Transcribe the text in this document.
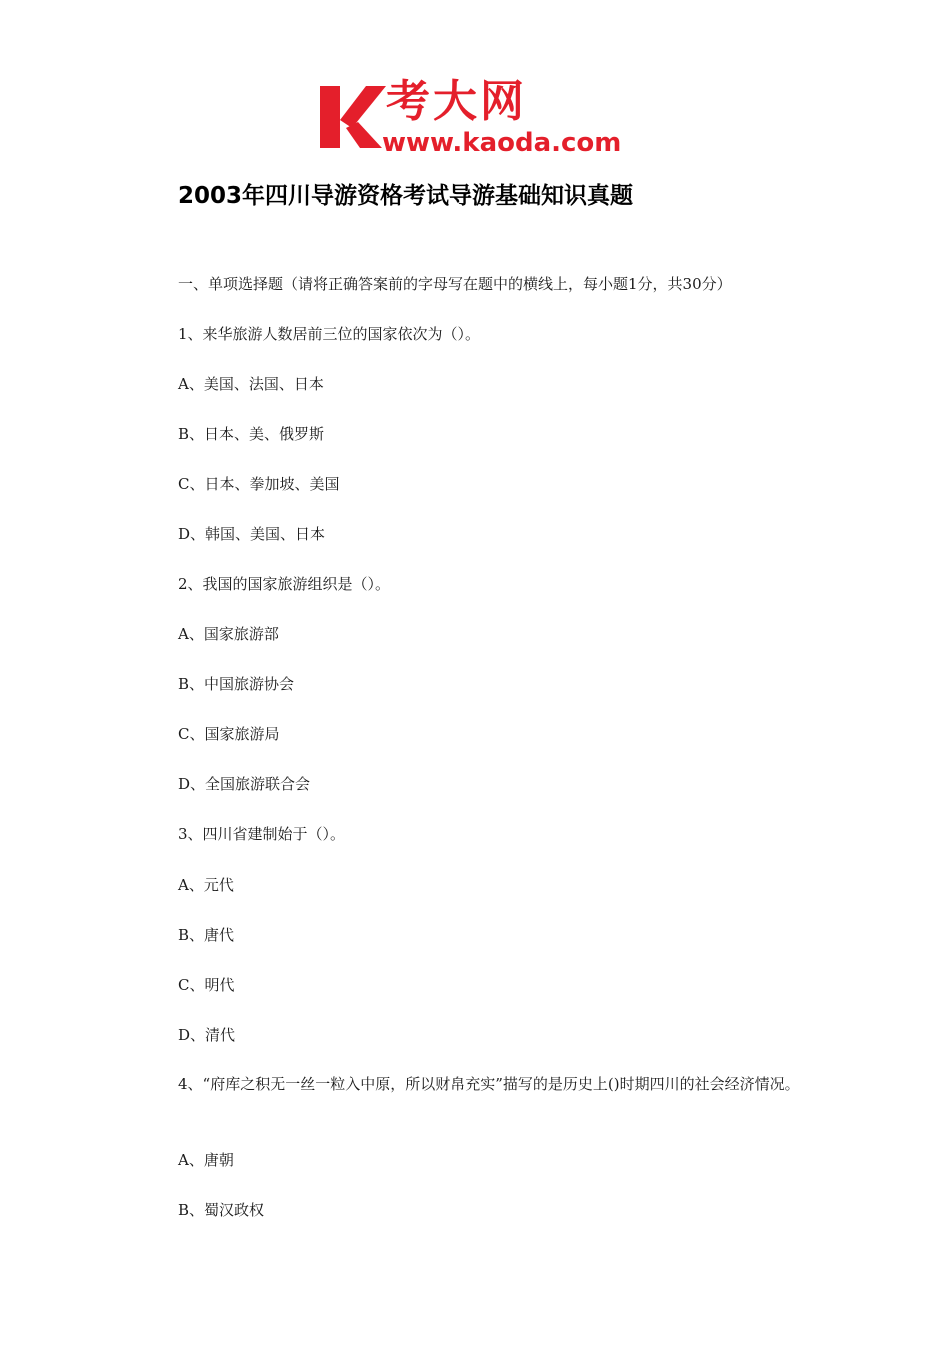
考大网
www.kaoda.com
2003年四川导游资格考试导游基础知识真题
一、单项选择题（请将正确答案前的字母写在题中的横线上，每小题1分，共30分）
1、来华旅游人数居前三位的国家依次为（）。
A、美国、法国、日本
B、日本、美、俄罗斯
C、日本、拳加坡、美国
D、韩国、美国、日本
2、我国的国家旅游组织是（）。
A、国家旅游部
B、中国旅游协会
C、国家旅游局
D、全国旅游联合会
3、四川省建制始于（）。
A、元代
B、唐代
C、明代
D、清代
4、“府库之积无一丝一粒入中原，所以财帛充实”描写的是历史上()时期四川的社会经济情况。
A、唐朝
B、蜀汉政权
